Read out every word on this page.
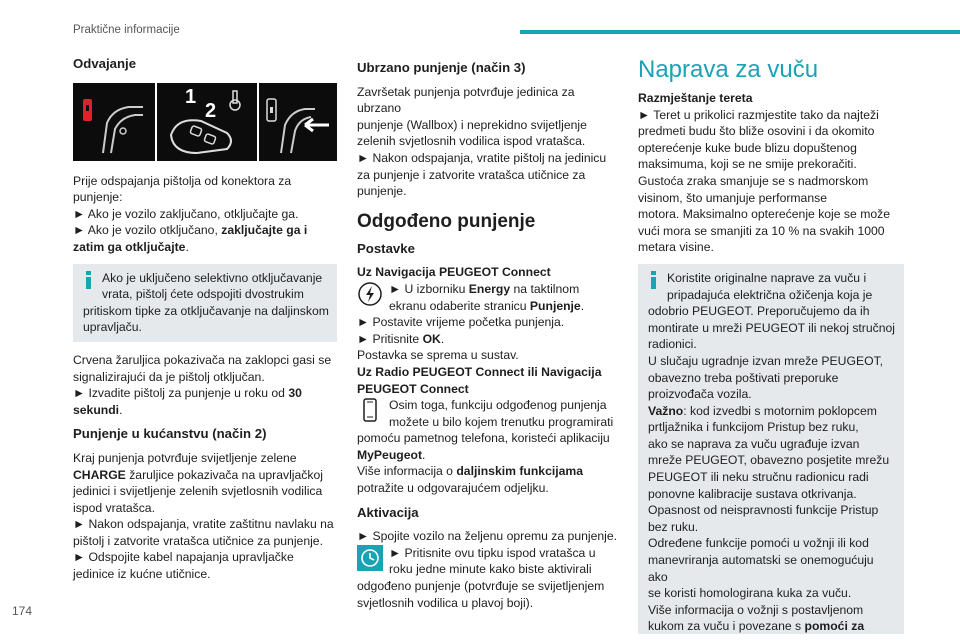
Praktične informacije
Odvajanje
1
2

Prije odspajanja pištolja od konektora za
punjenje:
► Ako je vozilo zaključano, otključajte ga.
► Ako je vozilo otključano, zaključajte ga i
zatim ga otključajte.

Ako je uključeno selektivno otključavanje vrata, pištolj ćete odspojiti dvostrukim pritiskom tipke za otključavanje na daljinskom upravljaču.

Crvena žaruljica pokazivača na zaklopci gasi se
signalizirajući da je pištolj otključan.
► Izvadite pištolj za punjenje u roku od 30
sekundi.

Punjenje u kućanstvu (način 2)

Kraj punjenja potvrđuje svijetljenje zelene
CHARGE žaruljice pokazivača na upravljačkoj
jedinici i svijetljenje zelenih svjetlosnih vodilica
ispod vratašca.
► Nakon odspajanja, vratite zaštitnu navlaku na
pištolj i zatvorite vratašca utičnice za punjenje.
► Odspojite kabel napajanja upravljačke
jedinice iz kućne utičnice.

Ubrzano punjenje (način 3)

Završetak punjenja potvrđuje jedinica za ubrzano
punjenje (Wallbox) i neprekidno svijetljenje
zelenih svjetlosnih vodilica ispod vratašca.
► Nakon odspajanja, vratite pištolj na jedinicu
za punjenje i zatvorite vratašca utičnice za
punjenje.

Odgođeno punjenje
Postavke
Uz Navigacija PEUGEOT Connect
► U izborniku Energy na taktilnom
ekranu odaberite stranicu Punjenje.
► Postavite vrijeme početka punjenja.
► Pritisnite OK.
Postavka se sprema u sustav.
Uz Radio PEUGEOT Connect ili Navigacija
PEUGEOT Connect

Osim toga, funkciju odgođenog punjenja
možete u bilo kojem trenutku programirati
pomoću pametnog telefona, koristeći aplikaciju
MyPeugeot.
Više informacija o daljinskim funkcijama
potražite u odgovarajućem odjeljku.

Aktivacija
► Spojite vozilo na željenu opremu za punjenje.
► Pritisnite ovu tipku ispod vratašca u
roku jedne minute kako biste aktivirali
odgođeno punjenje (potvrđuje se svijetljenjem
svjetlosnih vodilica u plavoj boji).
Naprava za vuču
Razmještanje tereta

► Teret u prikolici razmjestite tako da najteži
predmeti budu što bliže osovini i da okomito
opterećenje kuke bude blizu dopuštenog
maksimuma, koji se ne smije prekoračiti.
Gustoća zraka smanjuje se s nadmorskom
visinom, što umanjuje performanse
motora. Maksimalno opterećenje koje se može
vući mora se smanjiti za 10 % na svakih 1000
metara visine.

Koristite originalne naprave za vuču i
pripadajuća električna ožičenja koja je
odobrio PEUGEOT. Preporučujemo da ih
montirate u mreži PEUGEOT ili nekoj stručnoj
radionici.
U slučaju ugradnje izvan mreže PEUGEOT,
obavezno treba poštivati preporuke
proizvođača vozila.
Važno: kod izvedbi s motornim poklopcem
prtljažnika i funkcijom Pristup bez ruku,
ako se naprava za vuču ugrađuje izvan
mreže PEUGEOT, obavezno posjetite mrežu
PEUGEOT ili neku stručnu radionicu radi
ponovne kalibracije sustava otkrivanja.
Opasnost od neispravnosti funkcije Pristup
bez ruku.
Određene funkcije pomoći u vožnji ili kod
manevriranja automatski se onemogućuju ako
se koristi homologirana kuka za vuču.
Više informacija o vožnji s postavljenom
kukom za vuču i povezane s pomoći za
174
